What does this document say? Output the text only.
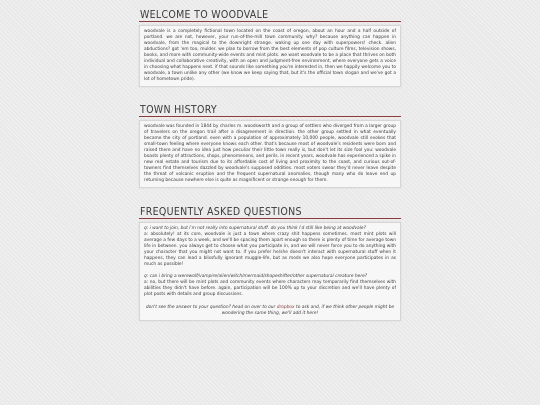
WELCOME TO WOODVALE

woodvale is a completely fictional town located on the coast of oregon, about an hour and a half outside of portland. we are not, however, your run-of-the-mill town community. why? because anything can happen in woodvale, from the magical to the downright strange. waking up one day with superpowers! check. alien abductions? got 'em too, mulder. we plan to borrow from the best elements of pop culture films, television shows, books, and more with community-wide events and mint plots. we want woodvale to be a place that thrives on both individual and collaborative creativity, with an open and judgment-free environment, where everyone gets a voice in choosing what happens next. if that sounds like something you're interested in, then we happily welcome you to woodvale, a town unlike any other (we know we keep saying that, but it's the official town slogan and we've got a lot of hometown pride).

TOWN HISTORY

woodvale was founded in 1844 by charles m. woodsworth and a group of settlers who diverged from a larger group of travelers on the oregon trail after a disagreement in direction. the other group settled in what eventually became the city of portland. even with a population of approximately 10,000 people, woodvale still evokes that small-town feeling where everyone knows each other. that's because most of woodvale's residents were born and raised there and have no idea just how peculiar their little town really is, but don't let its size fool you: woodvale boasts plenty of attractions, shops, phenomenons, and perils. in recent years, woodvale has experienced a spike in new real estate and tourism due to its affordable cost of living and proximity to the coast, and curious out-of-towners find themselves dazzled by woodvale's supposed oddities. most voters swear they'd never leave despite the threat of volcanic eruption and the frequent supernatural anomalies, though many who do leave end up returning because nowhere else is quite as magnificent or strange enough for them.

FREQUENTLY ASKED QUESTIONS

q: i want to join, but i'm not really into supernatural stuff. do you think i'd still like being at woodvale?

a: absolutely! at its core, woodvale is just a town where crazy shit happens sometimes. most mint plots will average a few days to a week, and we'll be spacing them apart enough so there is plenty of time for average town life in between. you always get to choose what you participate in, and we will never force you to do anything with your character that you might not want to. if you prefer he/she doesn't interact with supernatural stuff when it happens, they can lead a blissfully ignorant muggle-life, but as mods we also hope everyone participates in as much as possible!

q: can i bring a werewolf/vampire/alien/witch/mermaid/shapeshifter/other supernatural creature here?

a: no, but there will be mint plots and community events where characters may temporarily find themselves with abilities they didn't have before. again, participation will be 100% up to your discretion and we'll have plenty of plot posts with details and group discussions.

don't see the answer to your question? head on over to our dropbox to ask and, if we think other people might be wondering the same thing, we'll add it here!
